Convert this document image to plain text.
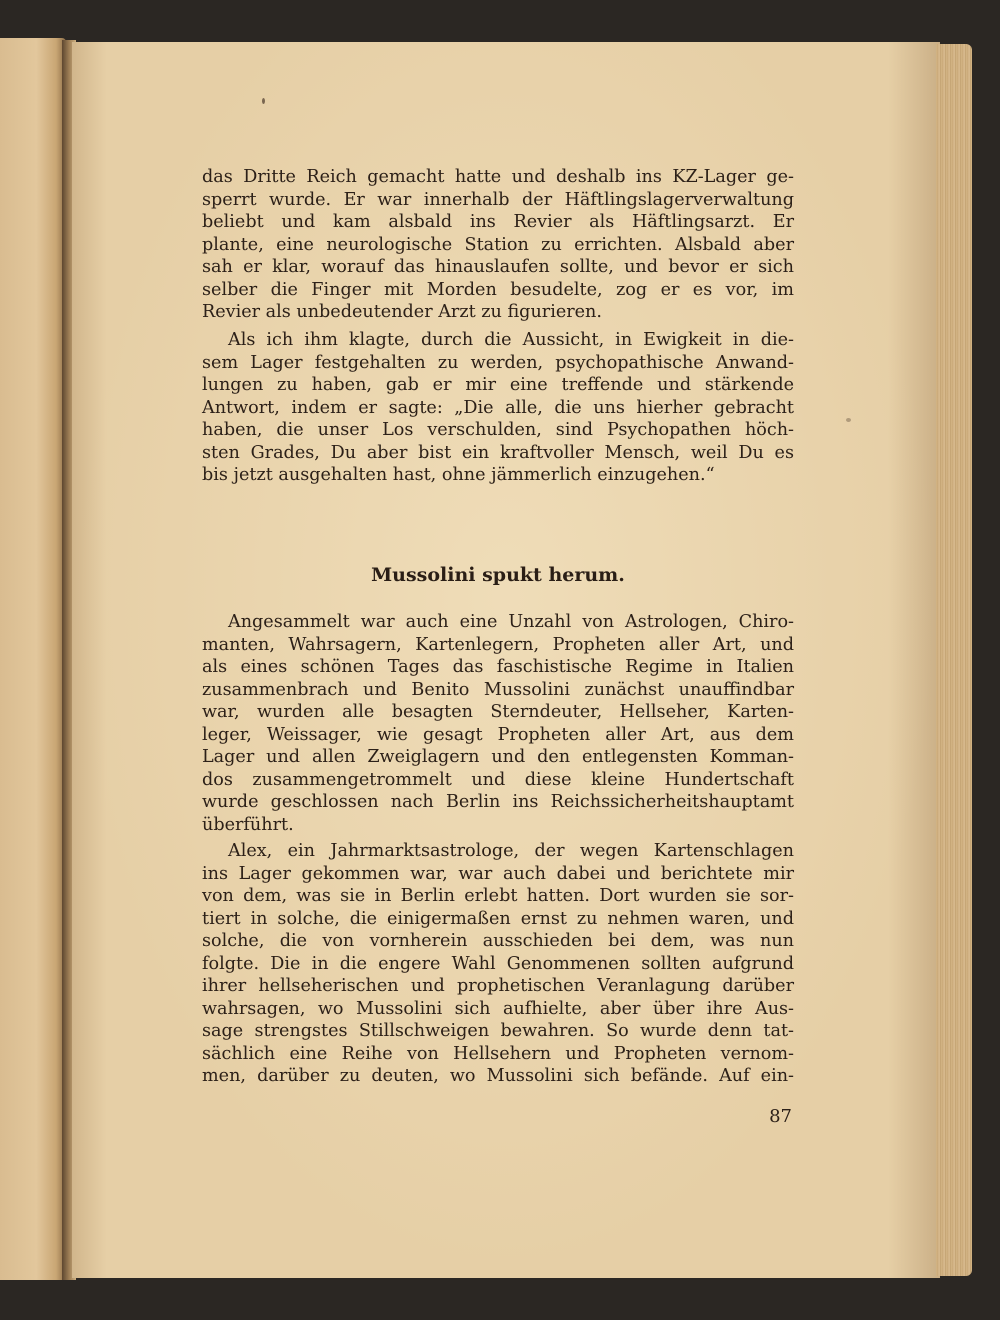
das Dritte Reich gemacht hatte und deshalb ins KZ-Lager ge-
sperrt wurde. Er war innerhalb der Häftlingslagerverwaltung
beliebt und kam alsbald ins Revier als Häftlingsarzt. Er
plante, eine neurologische Station zu errichten. Alsbald aber
sah er klar, worauf das hinauslaufen sollte, und bevor er sich
selber die Finger mit Morden besudelte, zog er es vor, im
Revier als unbedeutender Arzt zu figurieren.
Als ich ihm klagte, durch die Aussicht, in Ewigkeit in die-
sem Lager festgehalten zu werden, psychopathische Anwand-
lungen zu haben, gab er mir eine treffende und stärkende
Antwort, indem er sagte: „Die alle, die uns hierher gebracht
haben, die unser Los verschulden, sind Psychopathen höch-
sten Grades, Du aber bist ein kraftvoller Mensch, weil Du es
bis jetzt ausgehalten hast, ohne jämmerlich einzugehen.“
Mussolini spukt herum.
Angesammelt war auch eine Unzahl von Astrologen, Chiro-
manten, Wahrsagern, Kartenlegern, Propheten aller Art, und
als eines schönen Tages das faschistische Regime in Italien
zusammenbrach und Benito Mussolini zunächst unauffindbar
war, wurden alle besagten Sterndeuter, Hellseher, Karten-
leger, Weissager, wie gesagt Propheten aller Art, aus dem
Lager und allen Zweiglagern und den entlegensten Komman-
dos zusammengetrommelt und diese kleine Hundertschaft
wurde geschlossen nach Berlin ins Reichssicherheitshauptamt
überführt.
Alex, ein Jahrmarktsastrologe, der wegen Kartenschlagen
ins Lager gekommen war, war auch dabei und berichtete mir
von dem, was sie in Berlin erlebt hatten. Dort wurden sie sor-
tiert in solche, die einigermaßen ernst zu nehmen waren, und
solche, die von vornherein ausschieden bei dem, was nun
folgte. Die in die engere Wahl Genommenen sollten aufgrund
ihrer hellseherischen und prophetischen Veranlagung darüber
wahrsagen, wo Mussolini sich aufhielte, aber über ihre Aus-
sage strengstes Stillschweigen bewahren. So wurde denn tat-
sächlich eine Reihe von Hellsehern und Propheten vernom-
men, darüber zu deuten, wo Mussolini sich befände. Auf ein-
87
